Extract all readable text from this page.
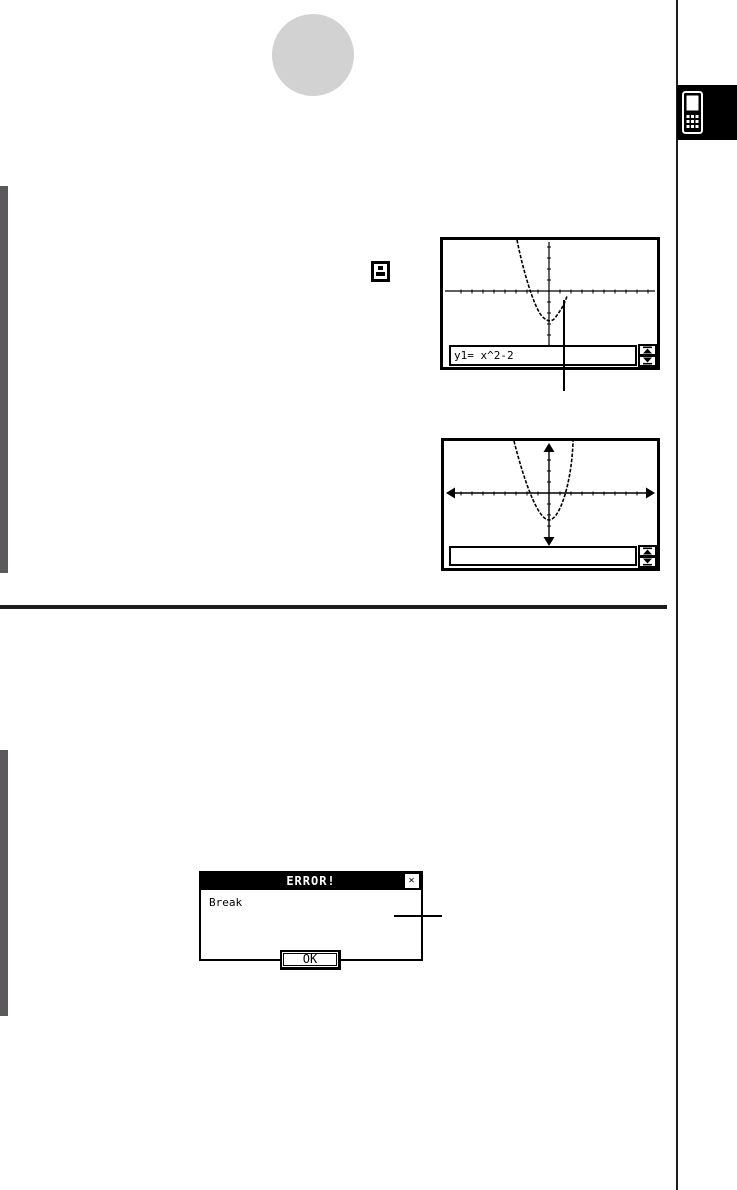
y1= x^2-2
ERROR!	✕
Break
OK
